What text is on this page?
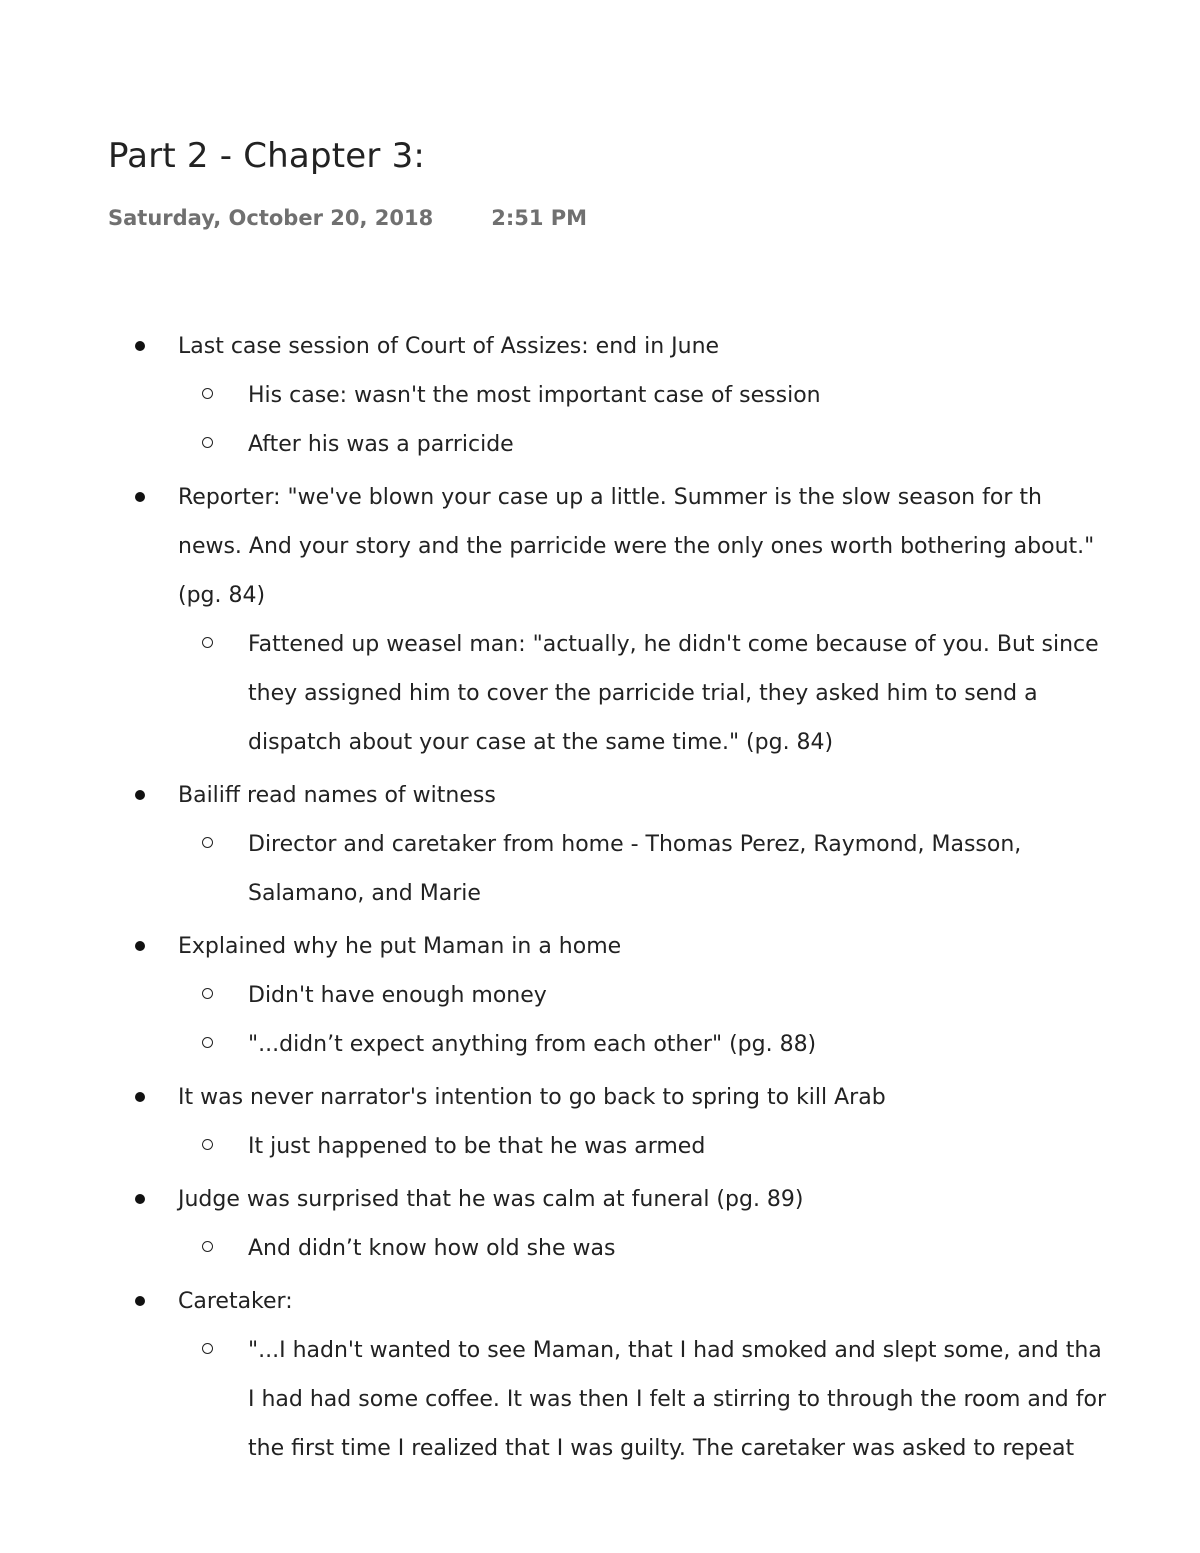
Part 2 - Chapter 3:
Saturday, October 20, 2018	2:51 PM
Last case session of Court of Assizes: end in June
His case: wasn't the most important case of session
After his was a parricide
Reporter: "we've blown your case up a little. Summer is the slow season for th
news. And your story and the parricide were the only ones worth bothering about."
(pg. 84)
Fattened up weasel man: "actually, he didn't come because of you. But since
they assigned him to cover the parricide trial, they asked him to send a
dispatch about your case at the same time." (pg. 84)
Bailiff read names of witness
Director and caretaker from home - Thomas Perez, Raymond, Masson,
Salamano, and Marie
Explained why he put Maman in a home
Didn't have enough money
"...didn’t expect anything from each other" (pg. 88)
It was never narrator's intention to go back to spring to kill Arab
It just happened to be that he was armed
Judge was surprised that he was calm at funeral (pg. 89)
And didn’t know how old she was
Caretaker:
"...I hadn't wanted to see Maman, that I had smoked and slept some, and tha
I had had some coffee. It was then I felt a stirring to through the room and for
the first time I realized that I was guilty. The caretaker was asked to repeat
